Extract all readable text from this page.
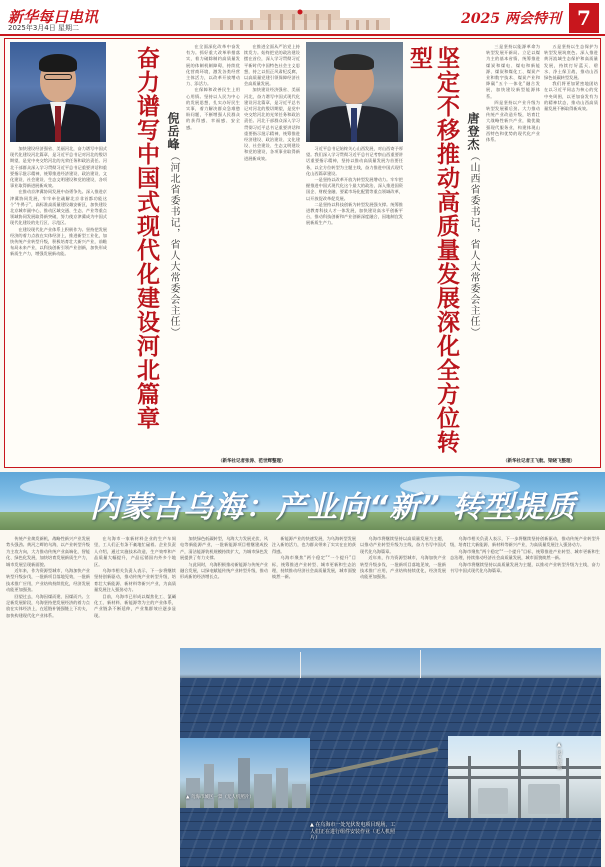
新华每日电讯
2025年3月4日 星期二
2025 两会特刊 7
奋力谱写中国式现代化建设河北篇章 倪岳峰（河北省委书记，省人大常委会主任）

加快建设经济强省、美丽河北，奋力谱写中国式现代化建设河北篇章，是习近平总书记对河北的殷切期望，是党中央交给河北的光荣任务和政治责任。河北干部群众深入学习贯彻习近平总书记重要讲话和重要指示批示精神，统筹推进经济建设、政治建设、文化建设、社会建设、生态文明建设和党的建设，各项事业取得新进展新成效。

在推动京津冀协同发展中奋勇争先。深入推进京津冀协同发展，牢牢牵住疏解北京非首都功能这个“牛鼻子”，高标准高质量建设雄安新区，加快建设北京城市副中心，推动区域交通、生态、产业等重点领域协同发展取得新突破，努力使京津冀成为中国式现代化建设的先行区、示范区。

在建设现代化产业体系上积极作为。坚持把发展经济的着力点放在实体经济上，推进新型工业化，加快传统产业转型升级，积极培育壮大新兴产业，前瞻布局未来产业，以科技创新引领产业创新，加快形成新质生产力，增强发展新动能。

在全面深化改革中奋发有为。抓好重大改革举措落实，着力破除制约高质量发展的体制机制障碍，持续优化营商环境，激发各类经营主体活力，以改革开放增动力、添活力。

在保障和改善民生上用心用情。坚持以人民为中心的发展思想，扎实办好民生实事，着力解决群众急难愁盼问题，不断增强人民群众的获得感、幸福感、安全感。

在推进全面从严治党上持续发力。始终把党的政治建设摆在首位，深入学习贯彻习近平新时代中国特色社会主义思想，持之以恒正风肃纪反腐，以高质量党建引领保障经济社会高质量发展。

加快建设经济强省、美丽河北，奋力谱写中国式现代化建设河北篇章，是习近平总书记对河北的殷切期望，是党中央交给河北的光荣任务和政治责任。河北干部群众深入学习贯彻习近平总书记重要讲话和重要指示批示精神，统筹推进经济建设、政治建设、文化建设、社会建设、生态文明建设和党的建设，各项事业取得新进展新成效。

（新华社记者张涛、范世辉整理）
坚定不移推动高质量发展深化全方位转型
唐登杰（山西省委书记，省人大常委会主任）

习近平总书记始终关心山西发展，对山西寄予厚望。我们深入学习贯彻习近平总书记考察山西重要讲话重要指示精神，坚持以推动高质量发展为首要任务，以全方位转型为主题主线，奋力推进中国式现代化山西篇章建设。

一是坚持以改革开放为转型发展增动力。牢牢把握推进中国式现代化这个最大的政治，深入推进国资国企、财税金融、要素市场化配置等重点领域改革，以开放促改革促发展。

二是坚持以科技创新为转型发展强支撑。统筹推进教育科技人才一体发展，加快建设高水平创新平台，推动科技创新和产业创新深度融合，因地制宜发展新质生产力。

三是坚持以能源革命为转型发展开新局。立足以煤为主的基本省情，统筹推进煤炭和煤电、煤电和新能源、煤炭和煤化工、煤炭产业和数字技术、煤炭产业和降碳“五个一体化”融合发展，加快建设新型能源体系。

四是坚持以产业升级为转型发展蓄后劲。大力推动传统产业改造升级，培育壮大战略性新兴产业，做优做强现代服务业，构建体现山西特色和优势的现代化产业体系。

五是坚持以生态保护为转型发展筑底色。深入推进黄河流域生态保护和高质量发展，持续打好蓝天、碧水、净土保卫战，推动山西绿色低碳转型发展。

我们将更加紧密地团结在以习近平同志为核心的党中央周围，以更加奋发有为的精神状态，推动山西高质量发展不断取得新成效。

（新华社记者王飞航、梁晓飞整理）
内蒙古乌海：产业向“新” 转型提质

传统产业焕发新机，战略性新兴产业发展势头强劲。黄河之畔的乌海，以产业转型升级为主攻方向，大力推动传统产业高端化、智能化、绿色化发展，加快培育发展新质生产力，城市发展呈现新面貌。

近年来，作为资源型城市，乌海加快产业转型升级步伐，一批新项目落地见效，一批新技术推广应用，产业结构持续优化，经济发展动能更加强劲。

回望过去，乌海因煤而建、因煤而兴。立足新发展阶段，乌海坚持把发展经济的着力点放在实体经济上，在延链补链强链上下功夫，加快构建现代化产业体系。

在乌海市一家新材料企业的生产车间里，工人们正有条不紊地忙碌着。企业负责人介绍，通过实施技术改造，生产效率和产品质量大幅提升，产品远销国内外多个地区。

乌海市相关负责人表示，下一步将继续坚持创新驱动，推动传统产业转型升级，培育壮大新能源、新材料等新兴产业，为高质量发展注入强劲动力。

目前，乌海市已形成以煤焦化工、氯碱化工、新材料、新能源等为主的产业体系，产业链条不断延伸，产业集群效应逐步显现。

加快绿色低碳转型，乌海大力发展光伏、风电等新能源产业，一批新能源项目相继建成投产，清洁能源装机规模持续扩大，为城市绿色发展提供了有力支撑。

与此同时，乌海积极推动新能源与传统产业融合发展，以绿电赋能传统产业转型升级，推动形成新的经济增长点。

新能源产业的快速发展，为乌海转型发展注入新的活力，也为群众带来了实实在在的获得感。

乌海市聚焦“两个稳定”“一个提升”目标，统筹推进产业转型、城市更新和生态治理，持续推动经济社会高质量发展，城市面貌焕然一新。

乌海市将继续坚持以高质量发展为主题，以推动产业转型升级为主线，奋力书写中国式现代化乌海篇章。

近年来，作为资源型城市，乌海加快产业转型升级步伐，一批新项目落地见效，一批新技术推广应用，产业结构持续优化，经济发展动能更加强劲。

乌海市相关负责人表示，下一步将继续坚持创新驱动，推动传统产业转型升级，培育壮大新能源、新材料等新兴产业，为高质量发展注入强劲动力。

乌海市聚焦“两个稳定”“一个提升”目标，统筹推进产业转型、城市更新和生态治理，持续推动经济社会高质量发展，城市面貌焕然一新。

乌海市将继续坚持以高质量发展为主题，以推动产业转型升级为主线，奋力书写中国式现代化乌海篇章。

▲ 在乌海市一处光伏发电项目现场，工人们正在进行组件安装作业（无人机照片）
▲ 乌海市城区一景（无人机照片）
▲ 园区管廊
